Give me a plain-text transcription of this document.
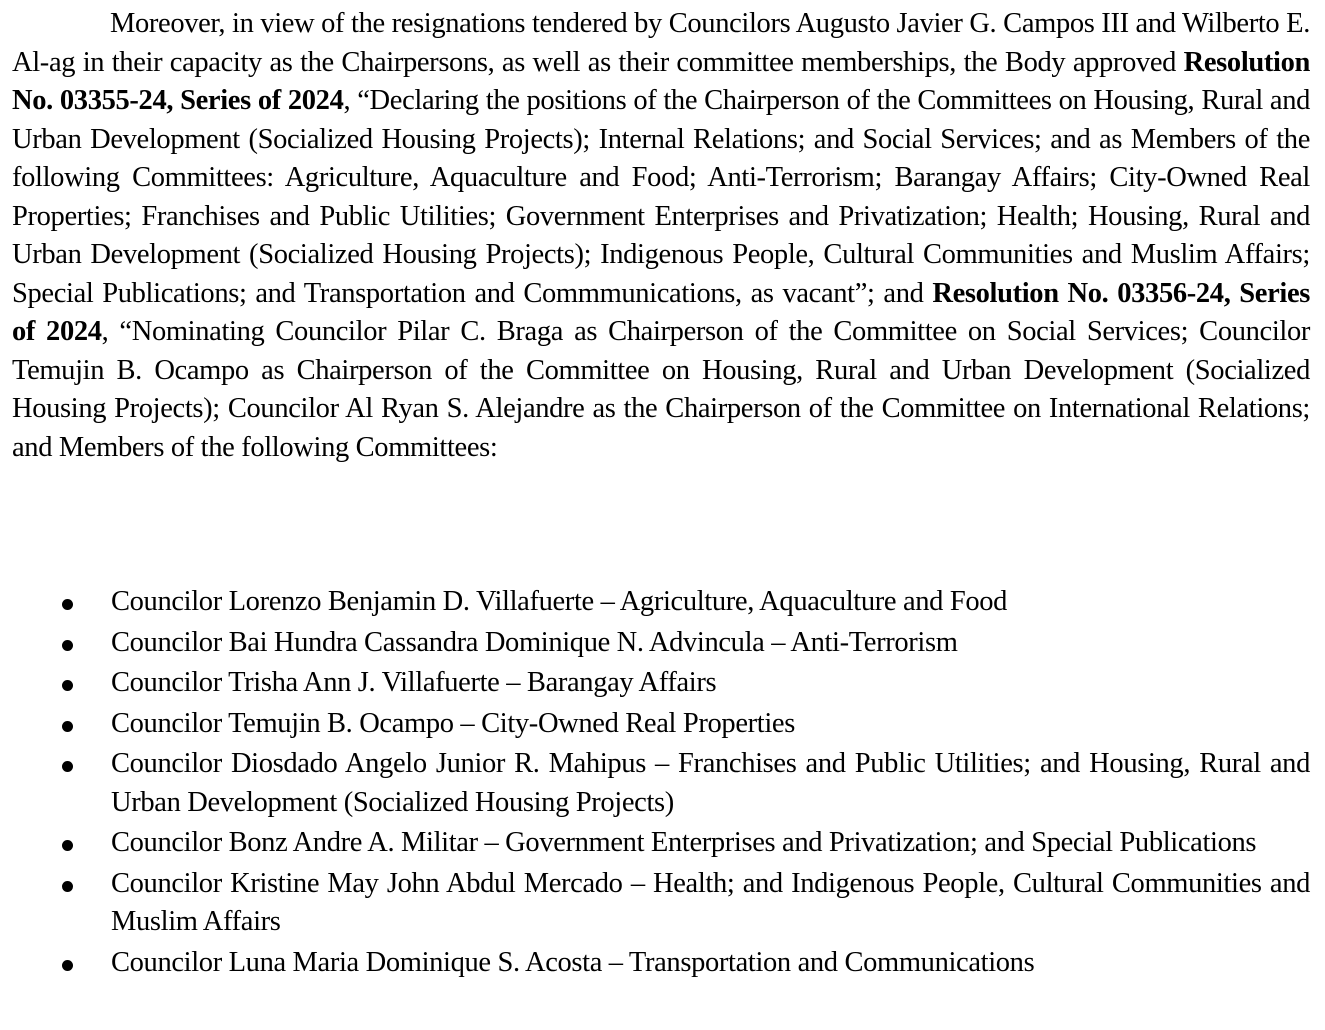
Moreover, in view of the resignations tendered by Councilors Augusto Javier G. Campos III and Wilberto E. Al-ag in their capacity as the Chairpersons, as well as their committee memberships, the Body approved Resolution No. 03355-24, Series of 2024, “Declaring the positions of the Chairperson of the Committees on Housing, Rural and Urban Development (Socialized Housing Projects); Internal Relations; and Social Services; and as Members of the following Committees: Agriculture, Aquaculture and Food; Anti-Terrorism; Barangay Affairs; City-Owned Real Properties; Franchises and Public Utilities; Government Enterprises and Privatization; Health; Housing, Rural and Urban Development (Socialized Housing Projects); Indigenous People, Cultural Communities and Muslim Affairs; Special Publications; and Transportation and Commmunications, as vacant”; and Resolution No. 03356-24, Series of 2024, “Nominating Councilor Pilar C. Braga as Chairperson of the Committee on Social Services; Councilor Temujin B. Ocampo as Chairperson of the Committee on Housing, Rural and Urban Development (Socialized Housing Projects); Councilor Al Ryan S. Alejandre as the Chairperson of the Committee on International Relations; and Members of the following Committees:

Councilor Lorenzo Benjamin D. Villafuerte – Agriculture, Aquaculture and Food
Councilor Bai Hundra Cassandra Dominique N. Advincula – Anti-Terrorism
Councilor Trisha Ann J. Villafuerte – Barangay Affairs
Councilor Temujin B. Ocampo – City-Owned Real Properties
Councilor Diosdado Angelo Junior R. Mahipus – Franchises and Public Utilities; and Housing, Rural and Urban Development (Socialized Housing Projects)
Councilor Bonz Andre A. Militar – Government Enterprises and Privatization; and Special Publications
Councilor Kristine May John Abdul Mercado – Health; and Indigenous People, Cultural Communities and Muslim Affairs
Councilor Luna Maria Dominique S. Acosta – Transportation and Communications
